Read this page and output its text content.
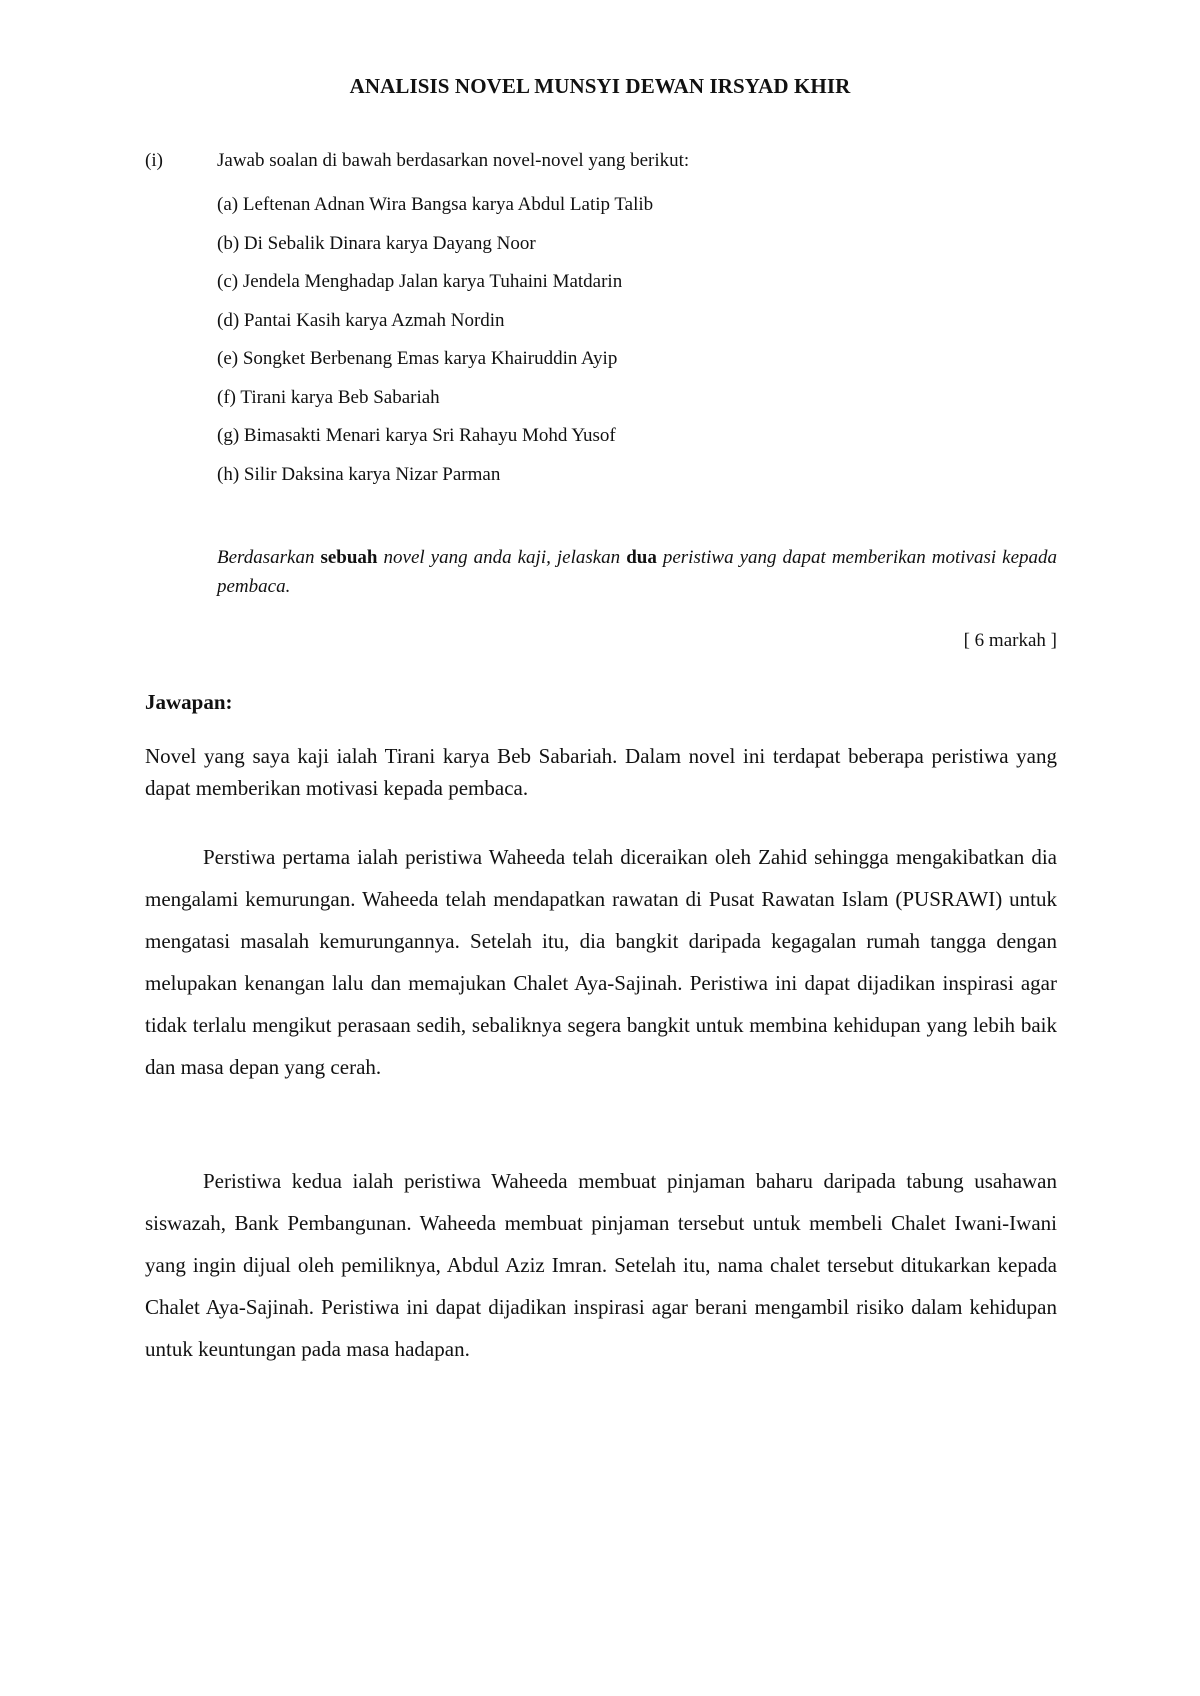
ANALISIS NOVEL MUNSYI DEWAN IRSYAD KHIR
(i)	Jawab soalan di bawah berdasarkan novel-novel yang berikut:
(a) Leftenan Adnan Wira Bangsa karya Abdul Latip Talib
(b) Di Sebalik Dinara karya Dayang Noor
(c) Jendela Menghadap Jalan karya Tuhaini Matdarin
(d) Pantai Kasih karya Azmah Nordin
(e) Songket Berbenang Emas karya Khairuddin Ayip
(f) Tirani karya Beb Sabariah
(g) Bimasakti Menari karya Sri Rahayu Mohd Yusof
(h) Silir Daksina karya Nizar Parman
Berdasarkan sebuah novel yang anda kaji, jelaskan dua peristiwa yang dapat memberikan motivasi kepada pembaca.
[ 6 markah ]
Jawapan:
Novel yang saya kaji ialah Tirani karya Beb Sabariah. Dalam novel ini terdapat beberapa peristiwa yang dapat memberikan motivasi kepada pembaca.
Perstiwa pertama ialah peristiwa Waheeda telah diceraikan oleh Zahid sehingga mengakibatkan dia mengalami kemurungan. Waheeda telah mendapatkan rawatan di Pusat Rawatan Islam (PUSRAWI) untuk mengatasi masalah kemurungannya. Setelah itu, dia bangkit daripada kegagalan rumah tangga dengan melupakan kenangan lalu dan memajukan Chalet Aya-Sajinah. Peristiwa ini dapat dijadikan inspirasi agar tidak terlalu mengikut perasaan sedih, sebaliknya segera bangkit untuk membina kehidupan yang lebih baik dan masa depan yang cerah.
Peristiwa kedua ialah peristiwa Waheeda membuat pinjaman baharu daripada tabung usahawan siswazah, Bank Pembangunan. Waheeda membuat pinjaman tersebut untuk membeli Chalet Iwani-Iwani yang ingin dijual oleh pemiliknya, Abdul Aziz Imran. Setelah itu, nama chalet tersebut ditukarkan kepada Chalet Aya-Sajinah. Peristiwa ini dapat dijadikan inspirasi agar berani mengambil risiko dalam kehidupan untuk keuntungan pada masa hadapan.
